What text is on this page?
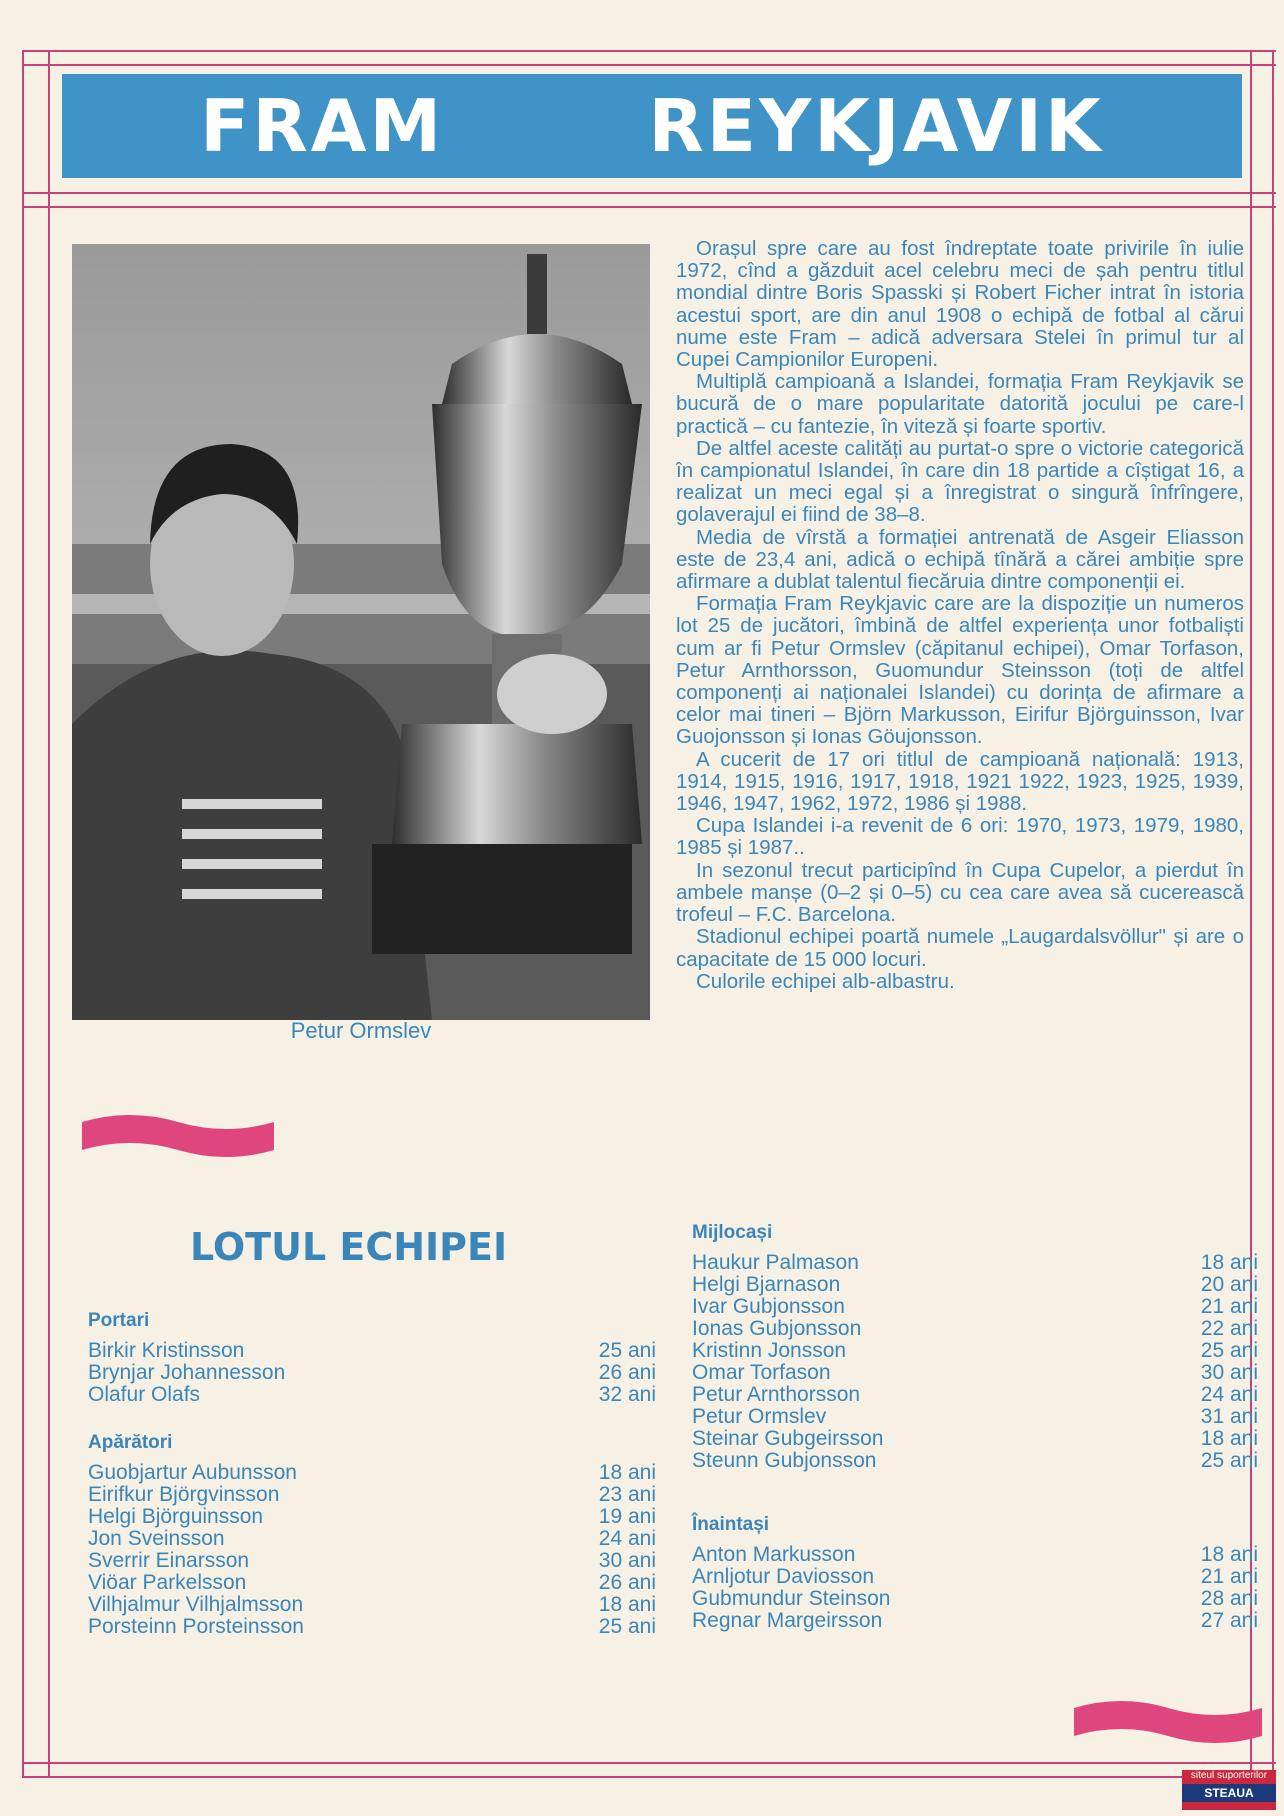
FRAM   REYKJAVIK
Petur Ormslev

Orașul spre care au fost îndreptate toate privirile în iulie 1972, cînd a găzduit acel celebru meci de șah pentru titlul mondial dintre Boris Spasski și Robert Ficher intrat în istoria acestui sport, are din anul 1908 o echipă de fotbal al cărui nume este Fram – adică adversara Stelei în primul tur al Cupei Campionilor Europeni.

Multiplă campioană a Islandei, formația Fram Reykjavik se bucură de o mare popularitate datorită jocului pe care-l practică – cu fantezie, în viteză și foarte sportiv.

De altfel aceste calități au purtat-o spre o victorie categorică în campionatul Islandei, în care din 18 partide a cîștigat 16, a realizat un meci egal și a înregistrat o singură înfrîngere, golaverajul ei fiind de 38–8.

Media de vîrstă a formației antrenată de Asgeir Eliasson este de 23,4 ani, adică o echipă tînără a cărei ambiție spre afirmare a dublat talentul fiecăruia dintre componenții ei.

Formația Fram Reykjavic care are la dispoziție un numeros lot 25 de jucători, îmbină de altfel experiența unor fotbaliști cum ar fi Petur Ormslev (căpitanul echipei), Omar Torfason, Petur Arnthorsson, Guomundur Steinsson (toți de altfel componenți ai naționalei Islandei) cu dorința de afirmare a celor mai tineri – Björn Markusson, Eirifur Björguinsson, Ivar Guojonsson și Ionas Göujonsson.

A cucerit de 17 ori titlul de campioană națională: 1913, 1914, 1915, 1916, 1917, 1918, 1921 1922, 1923, 1925, 1939, 1946, 1947, 1962, 1972, 1986 și 1988.

Cupa Islandei i-a revenit de 6 ori: 1970, 1973, 1979, 1980, 1985 și 1987..

In sezonul trecut participînd în Cupa Cupelor, a pierdut în ambele manșe (0–2 și 0–5) cu cea care avea să cucerească trofeul – F.C. Barcelona.

Stadionul echipei poartă numele „Laugardalsvöllur" și are o capacitate de 15 000 locuri.

Culorile echipei alb-albastru.

LOTUL ECHIPEI
Portari
Birkir Kristinsson	25 ani
Brynjar Johannesson	26 ani
Olafur Olafs	32 ani
Apărători
Guobjartur Aubunsson	18 ani
Eirifkur Björgvinsson	23 ani
Helgi Björguinsson	19 ani
Jon Sveinsson	24 ani
Sverrir Einarsson	30 ani
Viöar Parkelsson	26 ani
Vilhjalmur Vilhjalmsson	18 ani
Porsteinn Porsteinsson	25 ani
Mijlocași
Haukur Palmason	18 ani
Helgi Bjarnason	20 ani
Ivar Gubjonsson	21 ani
Ionas Gubjonsson	22 ani
Kristinn Jonsson	25 ani
Omar Torfason	30 ani
Petur Arnthorsson	24 ani
Petur Ormslev	31 ani
Steinar Gubgeirsson	18 ani
Steunn Gubjonsson	25 ani
Înaintași
Anton Markusson	18 ani
Arnljotur Daviosson	21 ani
Gubmundur Steinson	28 ani
Regnar Margeirsson	27 ani
siteul suporterilor
STEAUA
